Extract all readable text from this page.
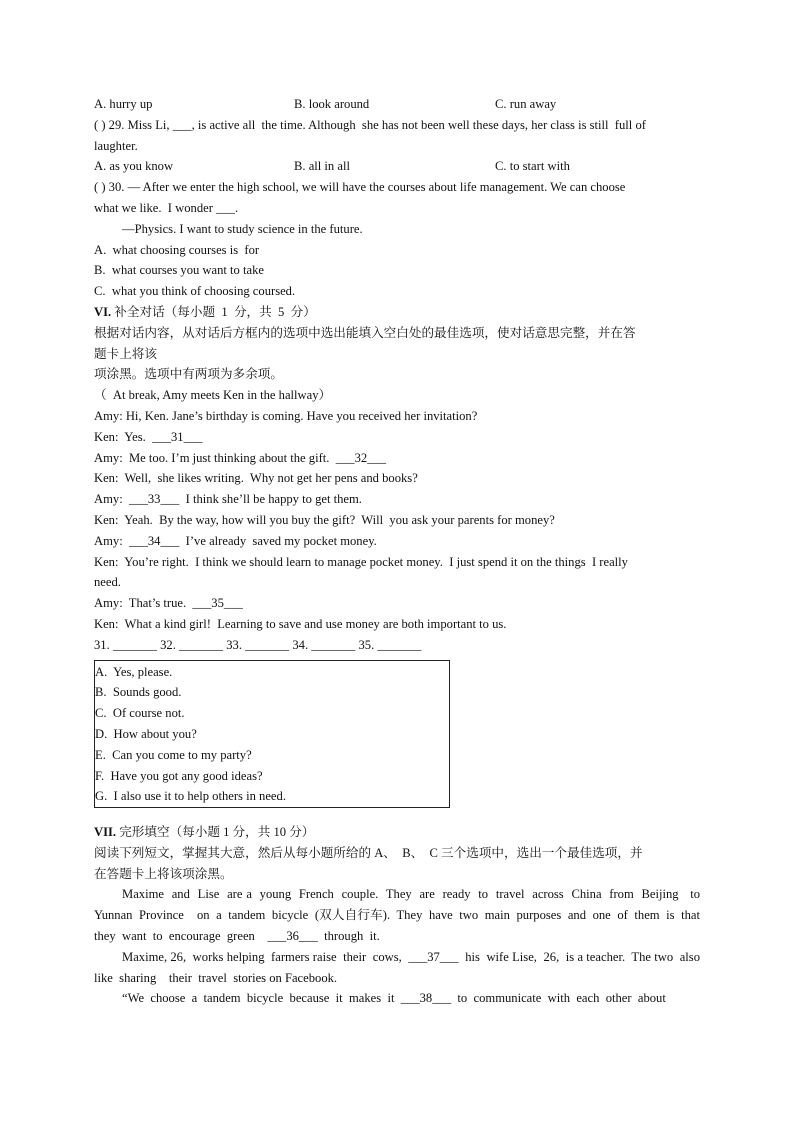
A. hurry up	B. look around	C. run away
( ) 29. Miss Li, ___, is active all  the time. Although  she has not been well these days, her class is still  full of
laughter.
A. as you know	B. all in all	C. to start with
( ) 30. — After we enter the high school, we will have the courses about life management. We can choose
what we like.  I wonder ___.
—Physics. I want to study science in the future.
A.  what choosing courses is  for
B.  what courses you want to take
C.  what you think of choosing coursed.
VI. 补全对话（每小题  1  分，共  5  分）
根据对话内容，从对话后方框内的选项中选出能填入空白处的最佳选项，使对话意思完整，并在答
题卡上将该
项涂黑。选项中有两项为多余项。
（  At break, Amy meets Ken in the hallway）
Amy: Hi, Ken. Jane’s birthday is coming. Have you received her invitation?
Ken:  Yes.  ___31___
Amy:  Me too. I’m just thinking about the gift.  ___32___
Ken:  Well,  she likes writing.  Why not get her pens and books?
Amy:  ___33___  I think she’ll be happy to get them.
Ken:  Yeah.  By the way, how will you buy the gift?  Will  you ask your parents for money?
Amy:  ___34___  I’ve already  saved my pocket money.
Ken:  You’re right.  I think we should learn to manage pocket money.  I just spend it on the things  I really
need.
Amy:  That’s true.  ___35___
Ken:  What a kind girl!  Learning to save and use money are both important to us.
31. _______ 32. _______ 33. _______ 34. _______ 35. _______
A.  Yes, please.
B.  Sounds good.
C.  Of course not.
D.  How about you?
E.  Can you come to my party?
F.  Have you got any good ideas?
G.  I also use it to help others in need.
VII. 完形填空（每小题 1 分，共 10 分）
阅读下列短文，掌握其大意，然后从每小题所给的 A、  B、  C 三个选项中，选出一个最佳选项，并
在答题卡上将该项涂黑。
Maxime  and  Lise  are a  young  French  couple.  They  are  ready  to  travel  across  China  from  Beijing   to  Yunnan  Province    on  a  tandem  bicycle  (双人自行车).  They  have  two  main  purposes  and  one  of  them  is  that  they  want  to  encourage  green    ___36___  through  it.
Maxime, 26,  works helping  farmers raise  their  cows,  ___37___  his  wife Lise,  26,  is a teacher.  The two  also  like  sharing    their  travel  stories on Facebook.
“We  choose  a  tandem  bicycle  because  it  makes  it  ___38___  to  communicate  with  each  other  about
